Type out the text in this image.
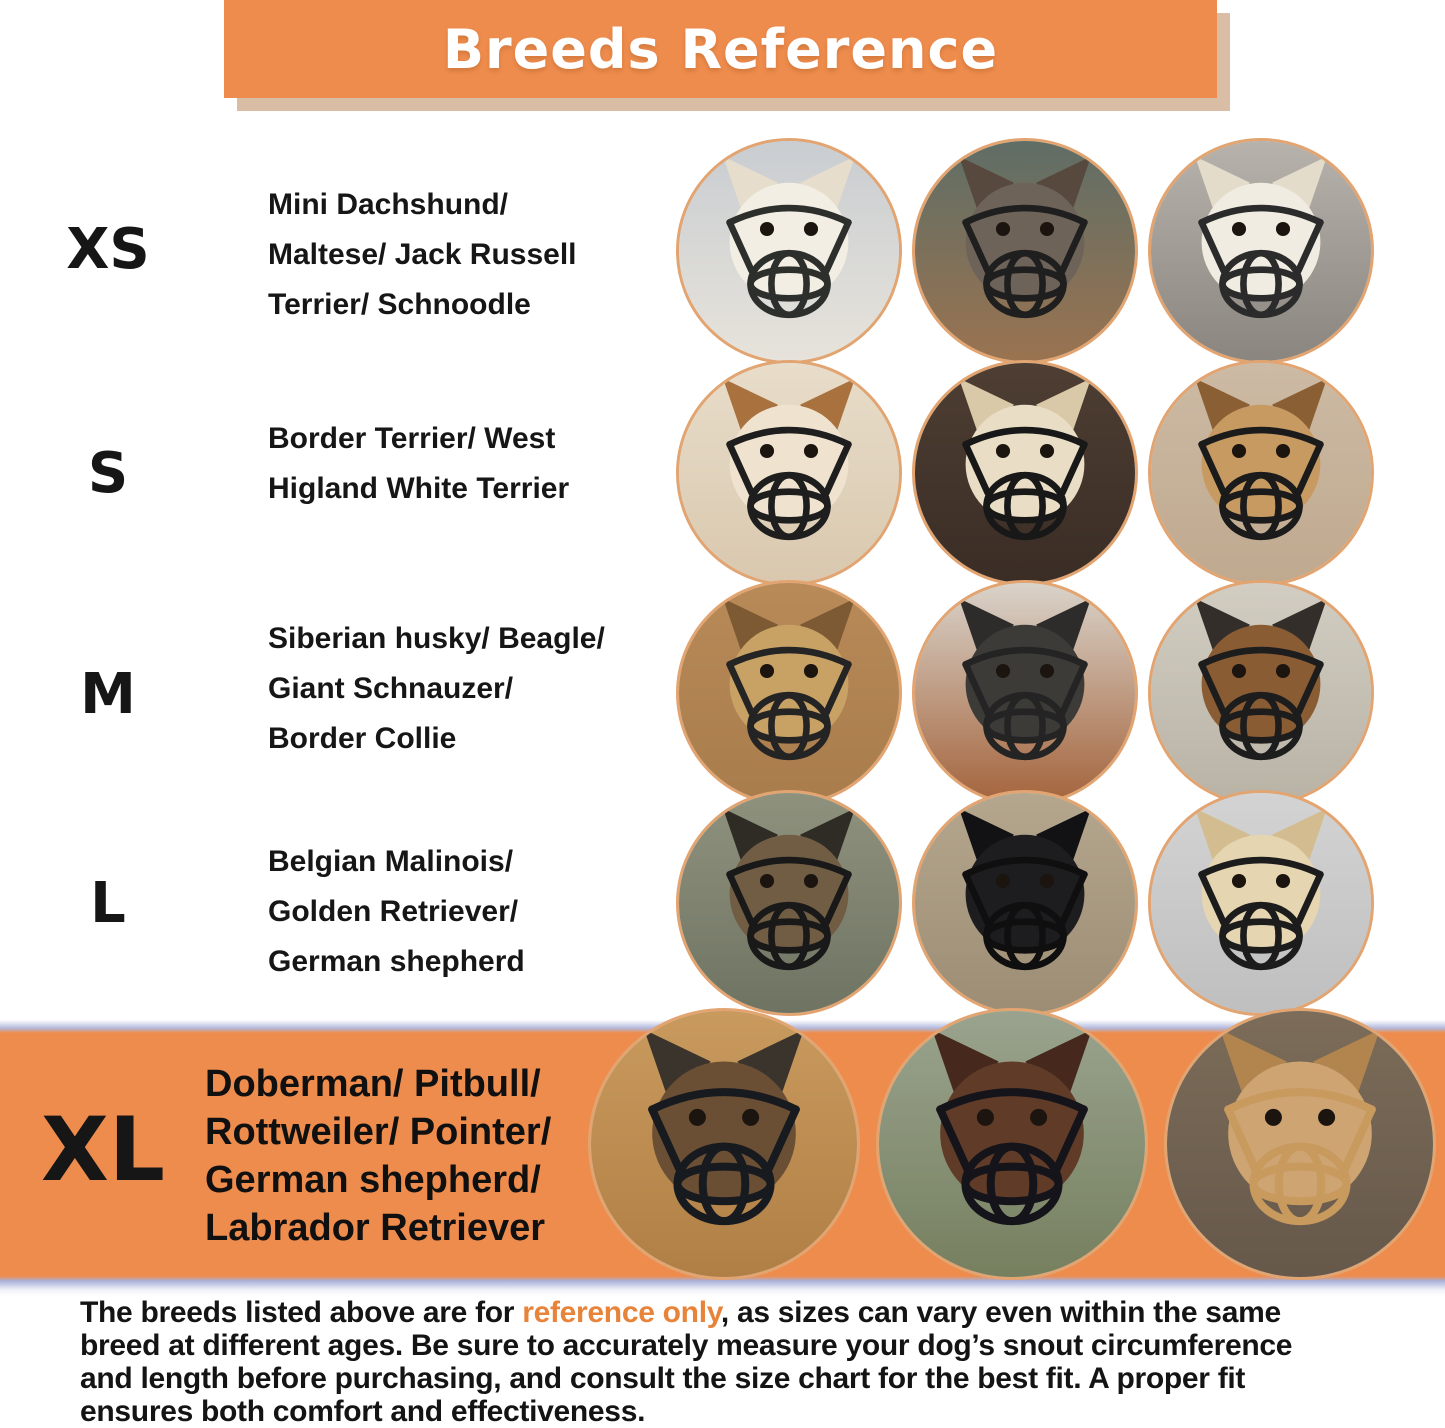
Breeds Reference
XS
Mini Dachshund/
Maltese/ Jack Russell
Terrier/ Schnoodle
S
Border Terrier/ West
Higland White Terrier
M
Siberian husky/ Beagle/
Giant Schnauzer/
Border Collie
L
Belgian Malinois/
Golden Retriever/
German shepherd
XL
Doberman/ Pitbull/
Rottweiler/ Pointer/
German shepherd/
Labrador Retriever
The breeds listed above are for reference only, as sizes can vary even within the same
breed at different ages. Be sure to accurately measure your dog’s snout circumference
and length before purchasing, and consult the size chart for the best fit. A proper fit
ensures both comfort and effectiveness.
